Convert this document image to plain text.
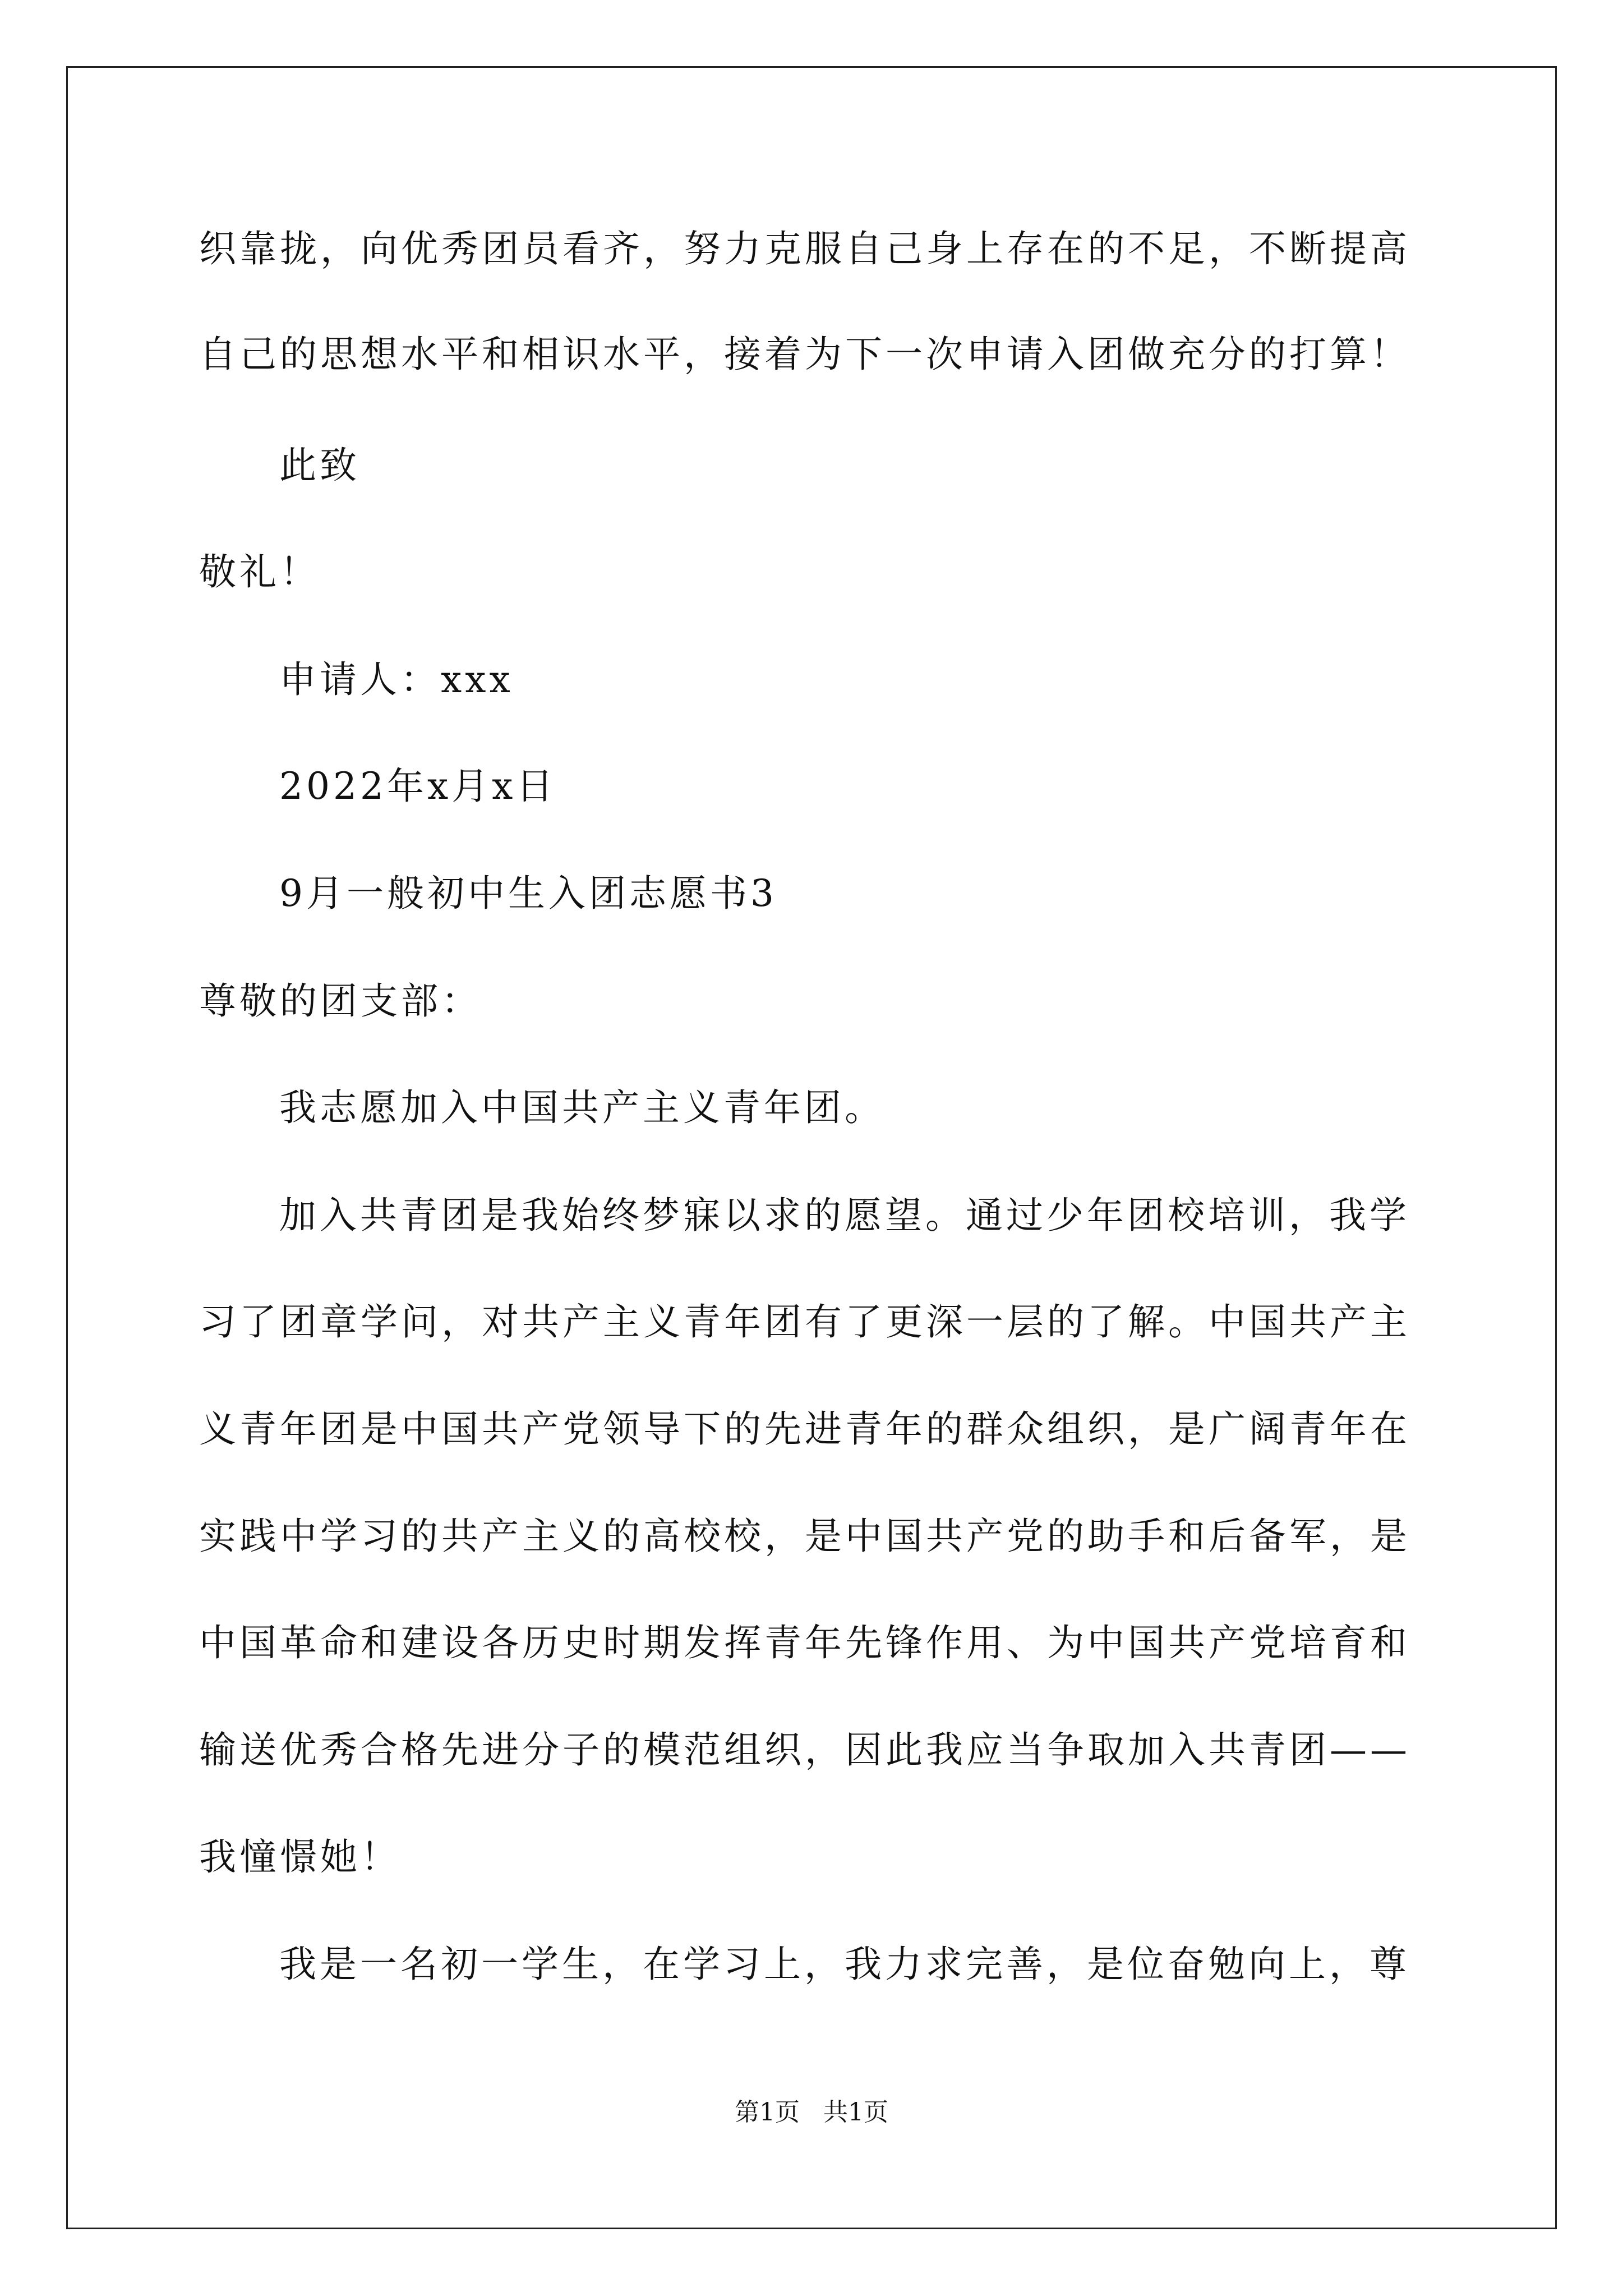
织靠拢，向优秀团员看齐，努力克服自己身上存在的不足，不断提高
自己的思想水平和相识水平，接着为下一次申请入团做充分的打算！
此致
敬礼！
申请人：xxx
2022年x月x日
9月一般初中生入团志愿书3
尊敬的团支部：
我志愿加入中国共产主义青年团。
加入共青团是我始终梦寐以求的愿望。通过少年团校培训，我学
习了团章学问，对共产主义青年团有了更深一层的了解。中国共产主
义青年团是中国共产党领导下的先进青年的群众组织，是广阔青年在
实践中学习的共产主义的高校校，是中国共产党的助手和后备军，是
中国革命和建设各历史时期发挥青年先锋作用、为中国共产党培育和
输送优秀合格先进分子的模范组织，因此我应当争取加入共青团——
我憧憬她！
我是一名初一学生，在学习上，我力求完善，是位奋勉向上，尊
第1页   共1页
